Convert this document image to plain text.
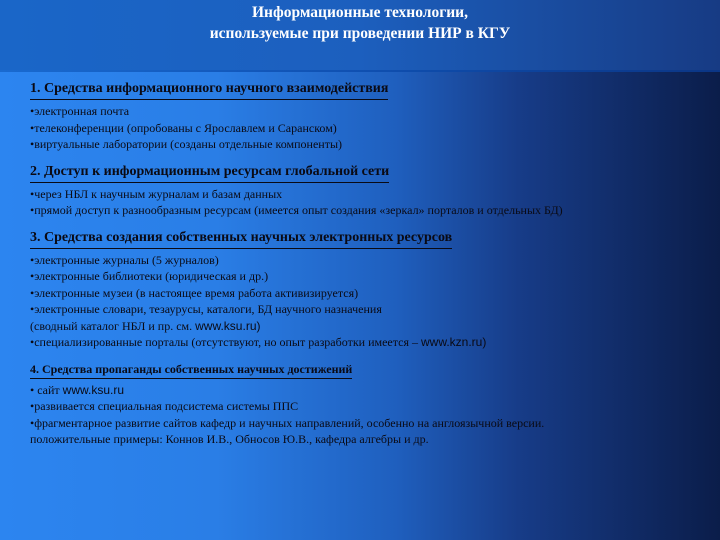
Информационные технологии,
используемые при проведении НИР в КГУ
1. Средства информационного научного взаимодействия
•электронная почта
•телеконференции (опробованы с Ярославлем и Саранском)
•виртуальные лаборатории (созданы отдельные компоненты)
2. Доступ к информационным ресурсам глобальной сети
•через НБЛ к научным журналам и базам данных
•прямой доступ к разнообразным ресурсам (имеется опыт создания «зеркал» порталов и отдельных БД)
3. Средства создания собственных научных электронных ресурсов
•электронные журналы (5 журналов)
•электронные библиотеки (юридическая и др.)
•электронные музеи (в настоящее время работа активизируется)
•электронные словари, тезаурусы, каталоги, БД научного назначения
(сводный каталог НБЛ и пр. см. www.ksu.ru)
•специализированные порталы (отсутствуют, но опыт разработки имеется – www.kzn.ru)
4. Средства пропаганды собственных научных достижений
• сайт www.ksu.ru
•развивается специальная подсистема системы ППС
•фрагментарное развитие сайтов кафедр и научных направлений, особенно на англоязычной версии.
положительные примеры: Коннов И.В., Обносов Ю.В., кафедра алгебры и др.
